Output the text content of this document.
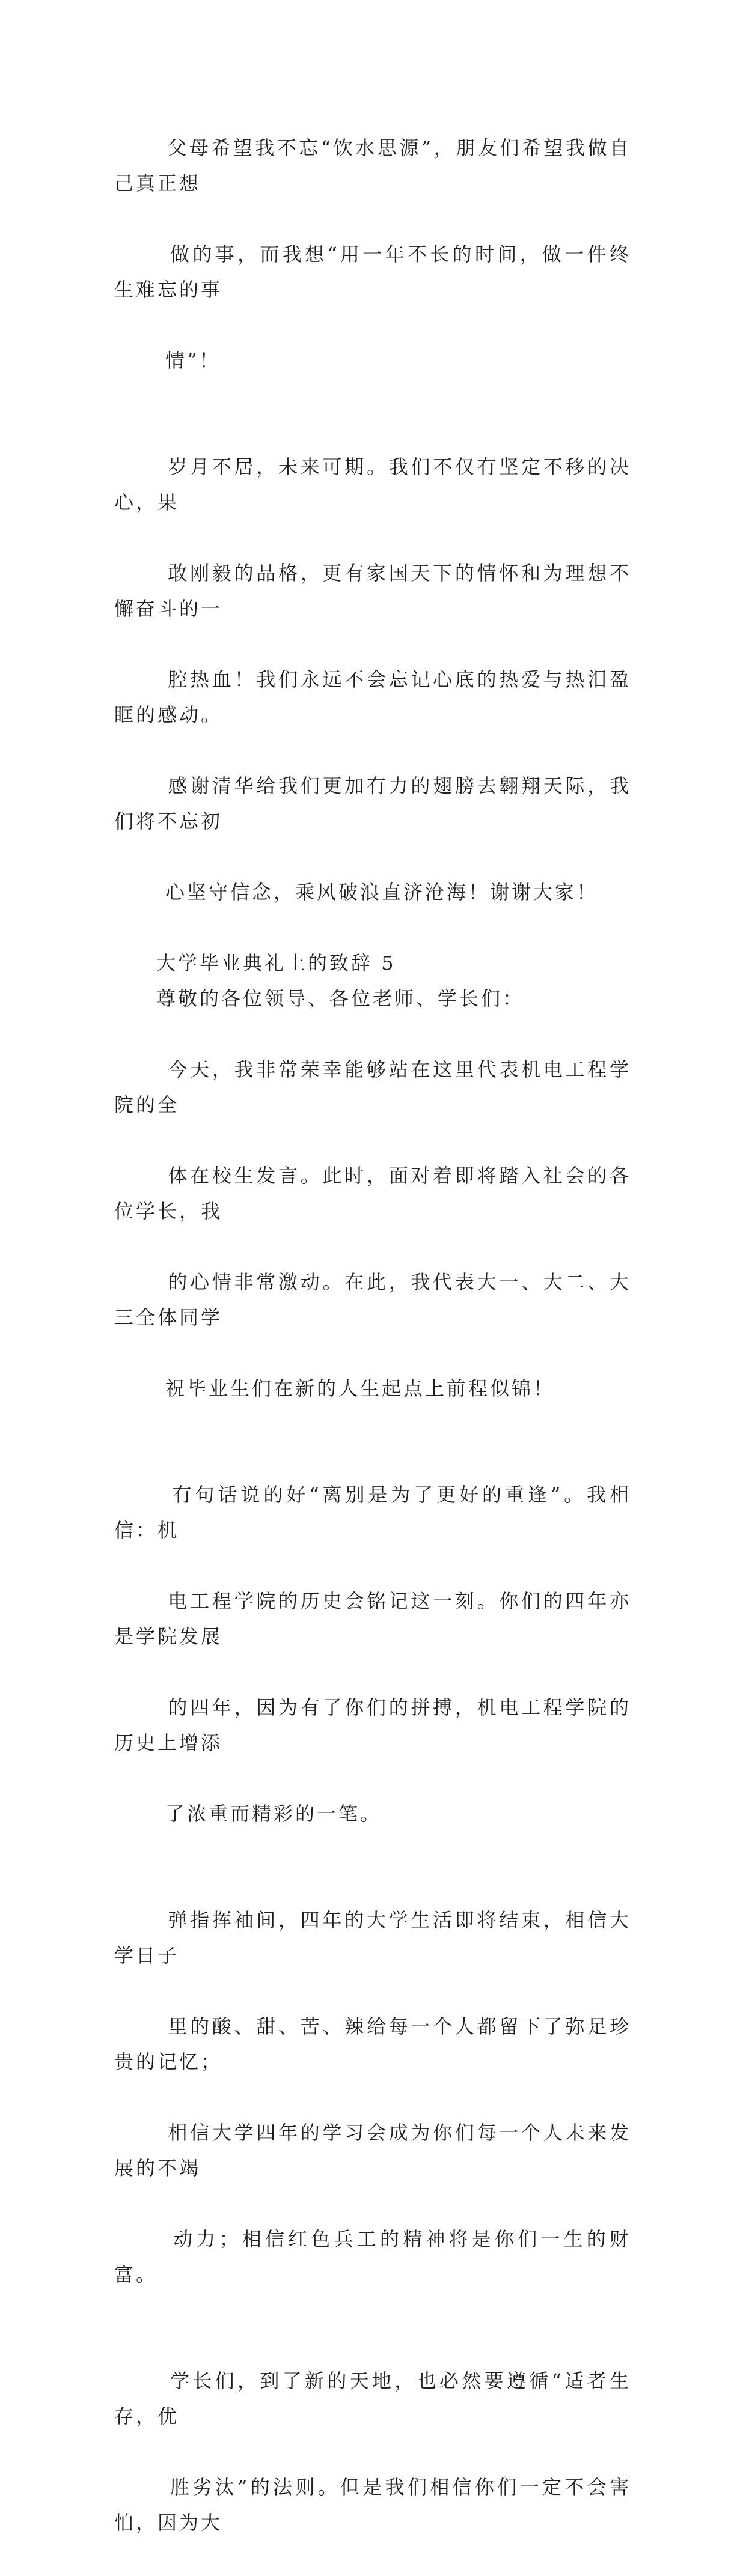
父母希望我不忘“饮水思源”，朋友们希望我做自己真正想

做的事，而我想“用一年不长的时间，做一件终生难忘的事

情”！

岁月不居，未来可期。我们不仅有坚定不移的决心，果

敢刚毅的品格，更有家国天下的情怀和为理想不懈奋斗的一

腔热血！我们永远不会忘记心底的热爱与热泪盈眶的感动。

感谢清华给我们更加有力的翅膀去翱翔天际，我们将不忘初

心坚守信念，乘风破浪直济沧海！谢谢大家！

大学毕业典礼上的致辞 5

尊敬的各位领导、各位老师、学长们：

今天，我非常荣幸能够站在这里代表机电工程学院的全

体在校生发言。此时，面对着即将踏入社会的各位学长，我

的心情非常激动。在此，我代表大一、大二、大三全体同学

祝毕业生们在新的人生起点上前程似锦！

有句话说的好“离别是为了更好的重逢”。我相信：机

电工程学院的历史会铭记这一刻。你们的四年亦是学院发展

的四年，因为有了你们的拼搏，机电工程学院的历史上增添

了浓重而精彩的一笔。

弹指挥袖间，四年的大学生活即将结束，相信大学日子

里的酸、甜、苦、辣给每一个人都留下了弥足珍贵的记忆；

相信大学四年的学习会成为你们每一个人未来发展的不竭

动力；相信红色兵工的精神将是你们一生的财富。

学长们，到了新的天地，也必然要遵循“适者生存，优

胜劣汰”的法则。但是我们相信你们一定不会害怕，因为大
